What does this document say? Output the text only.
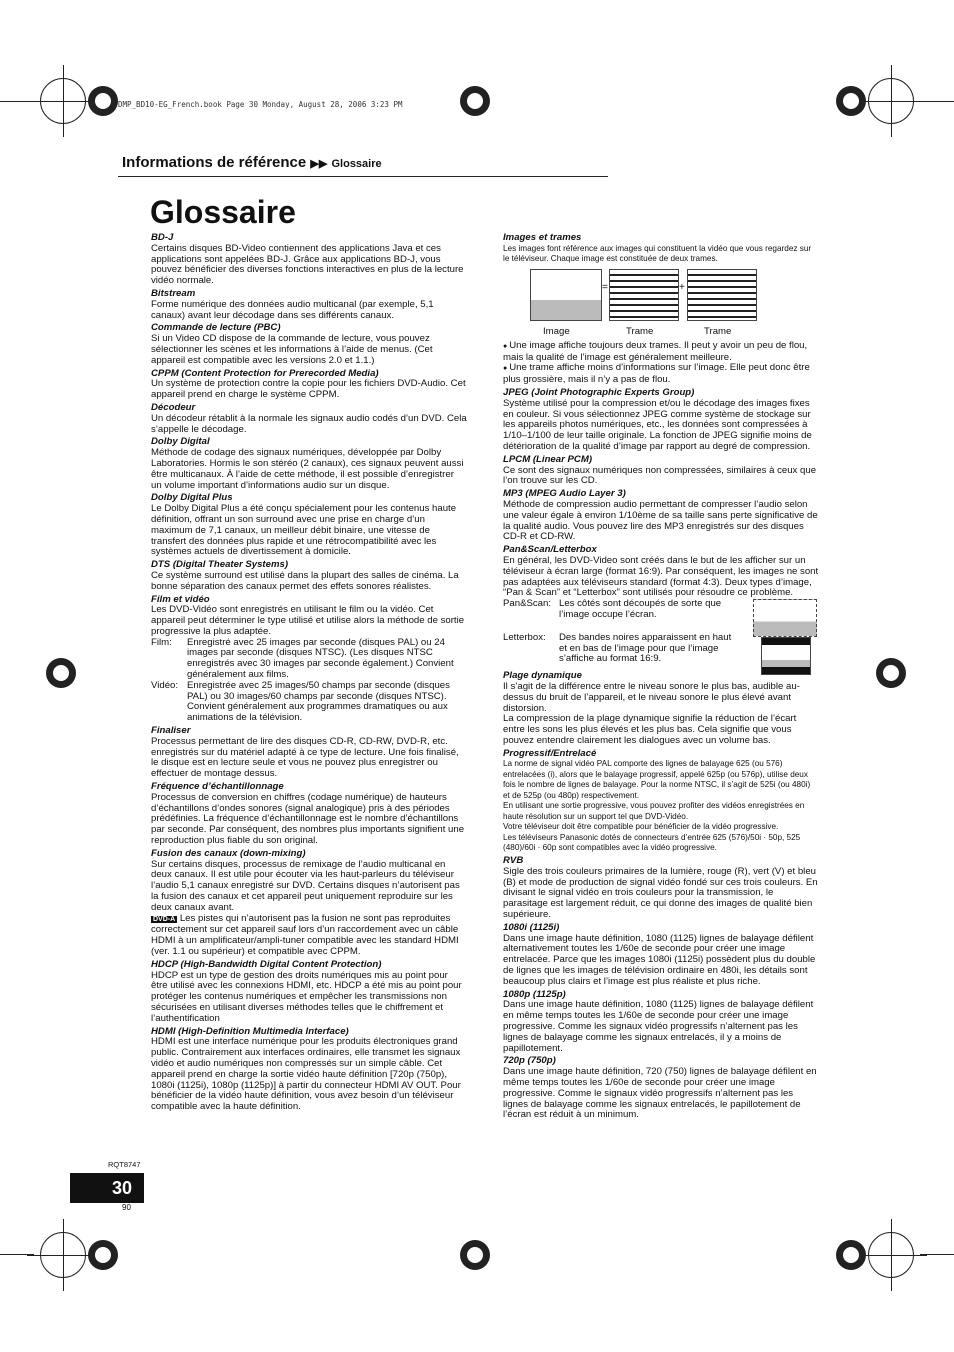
DMP_BD10-EG_French.book Page 30 Monday, August 28, 2006 3:23 PM
Informations de référence ▶▶ Glossaire
Glossaire
BD-J
Certains disques BD-Video contiennent des applications Java et ces applications sont appelées BD-J. Grâce aux applications BD-J, vous pouvez bénéficier des diverses fonctions interactives en plus de la lecture vidéo normale.
Bitstream
Forme numérique des données audio multicanal (par exemple, 5,1 canaux) avant leur décodage dans ses différents canaux.
Commande de lecture (PBC)
Si un Video CD dispose de la commande de lecture, vous pouvez sélectionner les scènes et les informations à l’aide de menus. (Cet appareil est compatible avec les versions 2.0 et 1.1.)
CPPM (Content Protection for Prerecorded Media)
Un système de protection contre la copie pour les fichiers DVD-Audio. Cet appareil prend en charge le système CPPM.
Décodeur
Un décodeur rétablit à la normale les signaux audio codés d’un DVD. Cela s’appelle le décodage.
Dolby Digital
Méthode de codage des signaux numériques, développée par Dolby Laboratories. Hormis le son stéréo (2 canaux), ces signaux peuvent aussi être multicanaux. À l’aide de cette méthode, il est possible d’enregistrer un volume important d’informations audio sur un disque.
Dolby Digital Plus
Le Dolby Digital Plus a été conçu spécialement pour les contenus haute définition, offrant un son surround avec une prise en charge d’un maximum de 7,1 canaux, un meilleur débit binaire, une vitesse de transfert des données plus rapide et une rétrocompatibilité avec les systèmes actuels de divertissement à domicile.
DTS (Digital Theater Systems)
Ce système surround est utilisé dans la plupart des salles de cinéma. La bonne séparation des canaux permet des effets sonores réalistes.
Film et vidéo
Les DVD-Vidéo sont enregistrés en utilisant le film ou la vidéo. Cet appareil peut déterminer le type utilisé et utilise alors la méthode de sortie progressive la plus adaptée.
Film:	Enregistré avec 25 images par seconde (disques PAL) ou 24 images par seconde (disques NTSC). (Les disques NTSC enregistrés avec 30 images par seconde également.) Convient généralement aux films.
Vidéo: Enregistrée avec 25 images/50 champs par seconde (disques PAL) ou 30 images/60 champs par seconde (disques NTSC). Convient généralement aux programmes dramatiques ou aux animations de la télévision.
Finaliser
Processus permettant de lire des disques CD-R, CD-RW, DVD-R, etc. enregistrés sur du matériel adapté à ce type de lecture. Une fois finalisé, le disque est en lecture seule et vous ne pouvez plus enregistrer ou effectuer de montage dessus.
Fréquence d’échantillonnage
Processus de conversion en chiffres (codage numérique) de hauteurs d’échantillons d’ondes sonores (signal analogique) pris à des périodes prédéfinies. La fréquence d’échantillonnage est le nombre d’échantillons par seconde. Par conséquent, des nombres plus importants signifient une reproduction plus fiable du son original.
Fusion des canaux (down-mixing)
Sur certains disques, processus de remixage de l’audio multicanal en deux canaux. Il est utile pour écouter via les haut-parleurs du téléviseur l’audio 5,1 canaux enregistré sur DVD. Certains disques n’autorisent pas la fusion des canaux et cet appareil peut uniquement reproduire sur les deux canaux avant.
DVD-A Les pistes qui n’autorisent pas la fusion ne sont pas reproduites correctement sur cet appareil sauf lors d’un raccordement avec un câble HDMI à un amplificateur/ampli-tuner compatible avec les standard HDMI (ver. 1.1 ou supérieur) et compatible avec CPPM.
HDCP (High-Bandwidth Digital Content Protection)
HDCP est un type de gestion des droits numériques mis au point pour être utilisé avec les connexions HDMI, etc. HDCP a été mis au point pour protéger les contenus numériques et empêcher les transmissions non sécurisées en utilisant diverses méthodes telles que le chiffrement et l’authentification
HDMI (High-Definition Multimedia Interface)
HDMI est une interface numérique pour les produits électroniques grand public. Contrairement aux interfaces ordinaires, elle transmet les signaux vidéo et audio numériques non compressés sur un simple câble. Cet appareil prend en charge la sortie vidéo haute définition [720p (750p), 1080i (1125i), 1080p (1125p)] à partir du connecteur HDMI AV OUT. Pour bénéficier de la vidéo haute définition, vous avez besoin d’un téléviseur compatible avec la haute définition.
Images et trames
Les images font référence aux images qui constituent la vidéo que vous regardez sur le téléviseur. Chaque image est constituée de deux trames.
=	+
Image	Trame	Trame
● Une image affiche toujours deux trames. Il peut y avoir un peu de flou, mais la qualité de l’image est généralement meilleure.
● Une trame affiche moins d’informations sur l’image. Elle peut donc être plus grossière, mais il n’y a pas de flou.
JPEG (Joint Photographic Experts Group)
Système utilisé pour la compression et/ou le décodage des images fixes en couleur. Si vous sélectionnez JPEG comme système de stockage sur les appareils photos numériques, etc., les données sont compressées à 1/10–1/100 de leur taille originale. La fonction de JPEG signifie moins de détérioration de la qualité d’image par rapport au degré de compression.
LPCM (Linear PCM)
Ce sont des signaux numériques non compressées, similaires à ceux que l’on trouve sur les CD.
MP3 (MPEG Audio Layer 3)
Méthode de compression audio permettant de compresser l’audio selon une valeur égale à environ 1/10ème de sa taille sans perte significative de la qualité audio. Vous pouvez lire des MP3 enregistrés sur des disques CD-R et CD-RW.
Pan&Scan/Letterbox
En général, les DVD-Video sont créés dans le but de les afficher sur un téléviseur à écran large (format 16:9). Par conséquent, les images ne sont pas adaptées aux téléviseurs standard (format 4:3). Deux types d’image, “Pan & Scan” et “Letterbox” sont utilisés pour résoudre ce problème.
Pan&Scan: Les côtés sont découpés de sorte que l’image occupe l’écran.
Letterbox:	Des bandes noires apparaissent en haut et en bas de l’image pour que l’image s’affiche au format 16:9.
Plage dynamique
Il s’agit de la différence entre le niveau sonore le plus bas, audible au-dessus du bruit de l’appareil, et le niveau sonore le plus élevé avant distorsion.
La compression de la plage dynamique signifie la réduction de l’écart entre les sons les plus élevés et les plus bas. Cela signifie que vous pouvez entendre clairement les dialogues avec un volume bas.
Progressif/Entrelacé
La norme de signal vidéo PAL comporte des lignes de balayage 625 (ou 576) entrelacées (i), alors que le balayage progressif, appelé 625p (ou 576p), utilise deux fois le nombre de lignes de balayage. Pour la norme NTSC, il s’agit de 525i (ou 480i) et de 525p (ou 480p) respectivement.
En utilisant une sortie progressive, vous pouvez profiter des vidéos enregistrées en haute résolution sur un support tel que DVD-Vidéo.
Votre téléviseur doit être compatible pour bénéficier de la vidéo progressive.
Les téléviseurs Panasonic dotés de connecteurs d’entrée 625 (576)/50i · 50p, 525 (480)/60i · 60p sont compatibles avec la vidéo progressive.
RVB
Sigle des trois couleurs primaires de la lumière, rouge (R), vert (V) et bleu (B) et mode de production de signal vidéo fondé sur ces trois couleurs. En divisant le signal vidéo en trois couleurs pour la transmission, le parasitage est largement réduit, ce qui donne des images de qualité bien supérieure.
1080i (1125i)
Dans une image haute définition, 1080 (1125) lignes de balayage défilent alternativement toutes les 1/60e de seconde pour créer une image entrelacée. Parce que les images 1080i (1125i) possèdent plus du double de lignes que les images de télévision ordinaire en 480i, les détails sont beaucoup plus clairs et l’image est plus réaliste et plus riche.
1080p (1125p)
Dans une image haute définition, 1080 (1125) lignes de balayage défilent en même temps toutes les 1/60e de seconde pour créer une image progressive. Comme les signaux vidéo progressifs n’alternent pas les lignes de balayage comme les signaux entrelacés, il y a moins de papillotement.
720p (750p)
Dans une image haute définition, 720 (750) lignes de balayage défilent en même temps toutes les 1/60e de seconde pour créer une image progressive. Comme le signaux vidéo progressifs n’alternent pas les lignes de balayage comme les signaux entrelacés, le papillotement de l’écran est réduit à un minimum.
RQT8747
30
90
